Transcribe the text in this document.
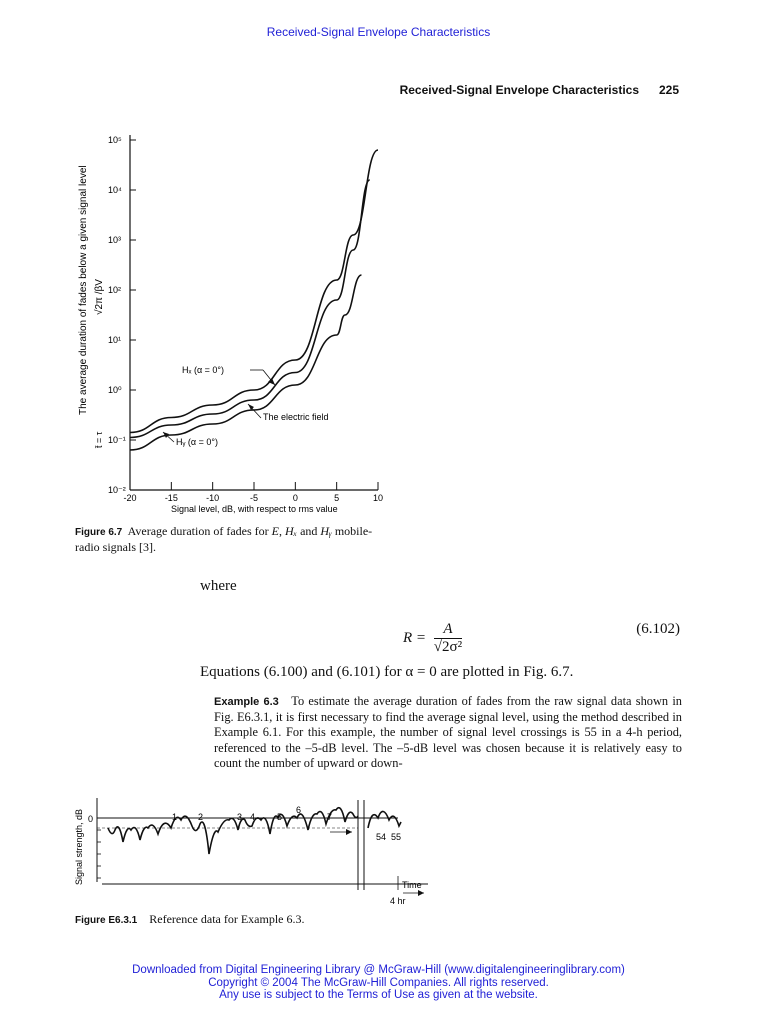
Received-Signal Envelope Characteristics
Received-Signal Envelope Characteristics 225
10⁻²
10⁻¹
10⁰
10¹
10²
10³
10⁴
10⁵
-20	-15	-10	-5	0	5	10
The average duration of fades below a given signal level √2π /βV
t̄ = τ
Signal level, dB, with respect to rms value
Hₓ (α = 0°)
The electric field
Hᵧ (α = 0°)
Figure 6.7 Average duration of fades for E, Hₓ and Hᵧ mobile-radio signals [3].
where
$R = \frac{A}{\text{√2σ²}}$	(6.102)
Equations (6.100) and (6.101) for α = 0 are plotted in Fig. 6.7.
Example 6.3 To estimate the average duration of fades from the raw signal data shown in Fig. E6.3.1, it is first necessary to find the average signal level, using the method described in Example 6.1. For this example, the number of signal level crossings is 55 in a 4-h period, referenced to the –5-dB level. The –5-dB level was chosen because it is relatively easy to count the number of upward or down-
Signal strength, dB 0	1 2	3 4 5
6
7
54 55
Time
4 hr
Figure E6.3.1 Reference data for Example 6.3.
Downloaded from Digital Engineering Library @ McGraw-Hill (www.digitalengineeringlibrary.com)
Copyright © 2004 The McGraw-Hill Companies. All rights reserved.
Any use is subject to the Terms of Use as given at the website.
